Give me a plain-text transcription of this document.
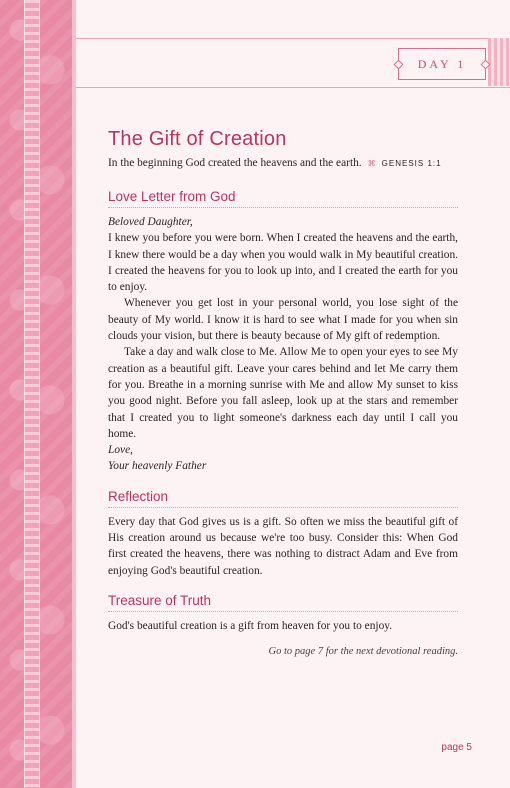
DAY 1
The Gift of Creation

In the beginning God created the heavens and the earth. ⌘ GENESIS 1:1

Love Letter from God

Beloved Daughter,

I knew you before you were born. When I created the heavens and the earth, I knew there would be a day when you would walk in My beautiful creation. I created the heavens for you to look up into, and I created the earth for you to enjoy.

Whenever you get lost in your personal world, you lose sight of the beauty of My world. I know it is hard to see what I made for you when sin clouds your vision, but there is beauty because of My gift of redemption.

Take a day and walk close to Me. Allow Me to open your eyes to see My creation as a beautiful gift. Leave your cares behind and let Me carry them for you. Breathe in a morning sunrise with Me and allow My sunset to kiss you good night. Before you fall asleep, look up at the stars and remember that I created you to light someone's darkness each day until I call you home.

Love,

Your heavenly Father

Reflection

Every day that God gives us is a gift. So often we miss the beautiful gift of His creation around us because we're too busy. Consider this: When God first created the heavens, there was nothing to distract Adam and Eve from enjoying God's beautiful creation.

Treasure of Truth

God's beautiful creation is a gift from heaven for you to enjoy.

Go to page 7 for the next devotional reading.

page 5
